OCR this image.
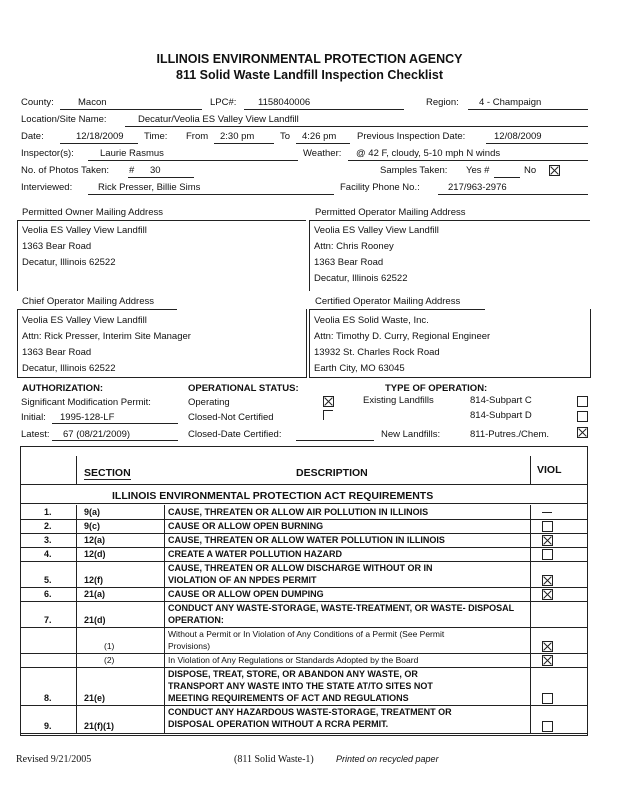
ILLINOIS ENVIRONMENTAL PROTECTION AGENCY
811 Solid Waste Landfill Inspection Checklist
County:	Macon	LPC#: 1158040006	Region: 4 - Champaign
Location/Site Name:	Decatur/Veolia ES Valley View Landfill
Date:	12/18/2009 Time: From 2:30 pm	To 4:26 pm Previous Inspection Date:	12/08/2009
Inspector(s):	Laurie Rasmus	Weather: @ 42 F, cloudy, 5-10 mph N winds
No. of Photos Taken: # 30	Samples Taken: Yes #	No
Interviewed:	Rick Presser, Billie Sims	Facility Phone No.:	217/963-2976
Permitted Owner Mailing Address
Veolia ES Valley View Landfill
1363 Bear Road
Decatur, Illinois 62522
Permitted Operator Mailing Address
Veolia ES Valley View Landfill
Attn: Chris Rooney
1363 Bear Road
Decatur, Illinois 62522
Chief Operator Mailing Address
Veolia ES Valley View Landfill
Attn: Rick Presser, Interim Site Manager
1363 Bear Road
Decatur, Illinois 62522
Certified Operator Mailing Address
Veolia ES Solid Waste, Inc.
Attn: Timothy D. Curry, Regional Engineer
13932 St. Charles Rock Road
Earth City, MO 63045
AUTHORIZATION:
Significant Modification Permit:
Initial: 1995-128-LF
Latest: 67 (08/21/2009)
OPERATIONAL STATUS:
Operating
Closed-Not Certified
Closed-Date Certified:
TYPE OF OPERATION:
Existing Landfills	814-Subpart C
814-Subpart D
New Landfills:	811-Putres./Chem.
SECTION	DESCRIPTION	VIOL
ILLINOIS ENVIRONMENTAL PROTECTION ACT REQUIREMENTS
1.	9(a)	CAUSE, THREATEN OR ALLOW AIR POLLUTION IN ILLINOIS
2.	9(c)	CAUSE OR ALLOW OPEN BURNING
3.	12(a)	CAUSE, THREATEN OR ALLOW WATER POLLUTION IN ILLINOIS
4.	12(d)	CREATE A WATER POLLUTION HAZARD
5.	12(f)
CAUSE, THREATEN OR ALLOW DISCHARGE WITHOUT OR IN
VIOLATION OF AN NPDES PERMIT
6.	21(a)	CAUSE OR ALLOW OPEN DUMPING
7.	21(d)
CONDUCT ANY WASTE-STORAGE, WASTE-TREATMENT, OR WASTE- DISPOSAL
OPERATION:
(1)
Without a Permit or In Violation of Any Conditions of a Permit (See Permit
Provisions)
(2)	In Violation of Any Regulations or Standards Adopted by the Board
8.	21(e)
DISPOSE, TREAT, STORE, OR ABANDON ANY WASTE, OR
TRANSPORT ANY WASTE INTO THE STATE AT/TO SITES NOT
MEETING REQUIREMENTS OF ACT AND REGULATIONS
9.	21(f)(1)
CONDUCT ANY HAZARDOUS WASTE-STORAGE, TREATMENT OR
DISPOSAL OPERATION WITHOUT A RCRA PERMIT.
Revised 9/21/2005	(811 Solid Waste-1) Printed on recycled paper
